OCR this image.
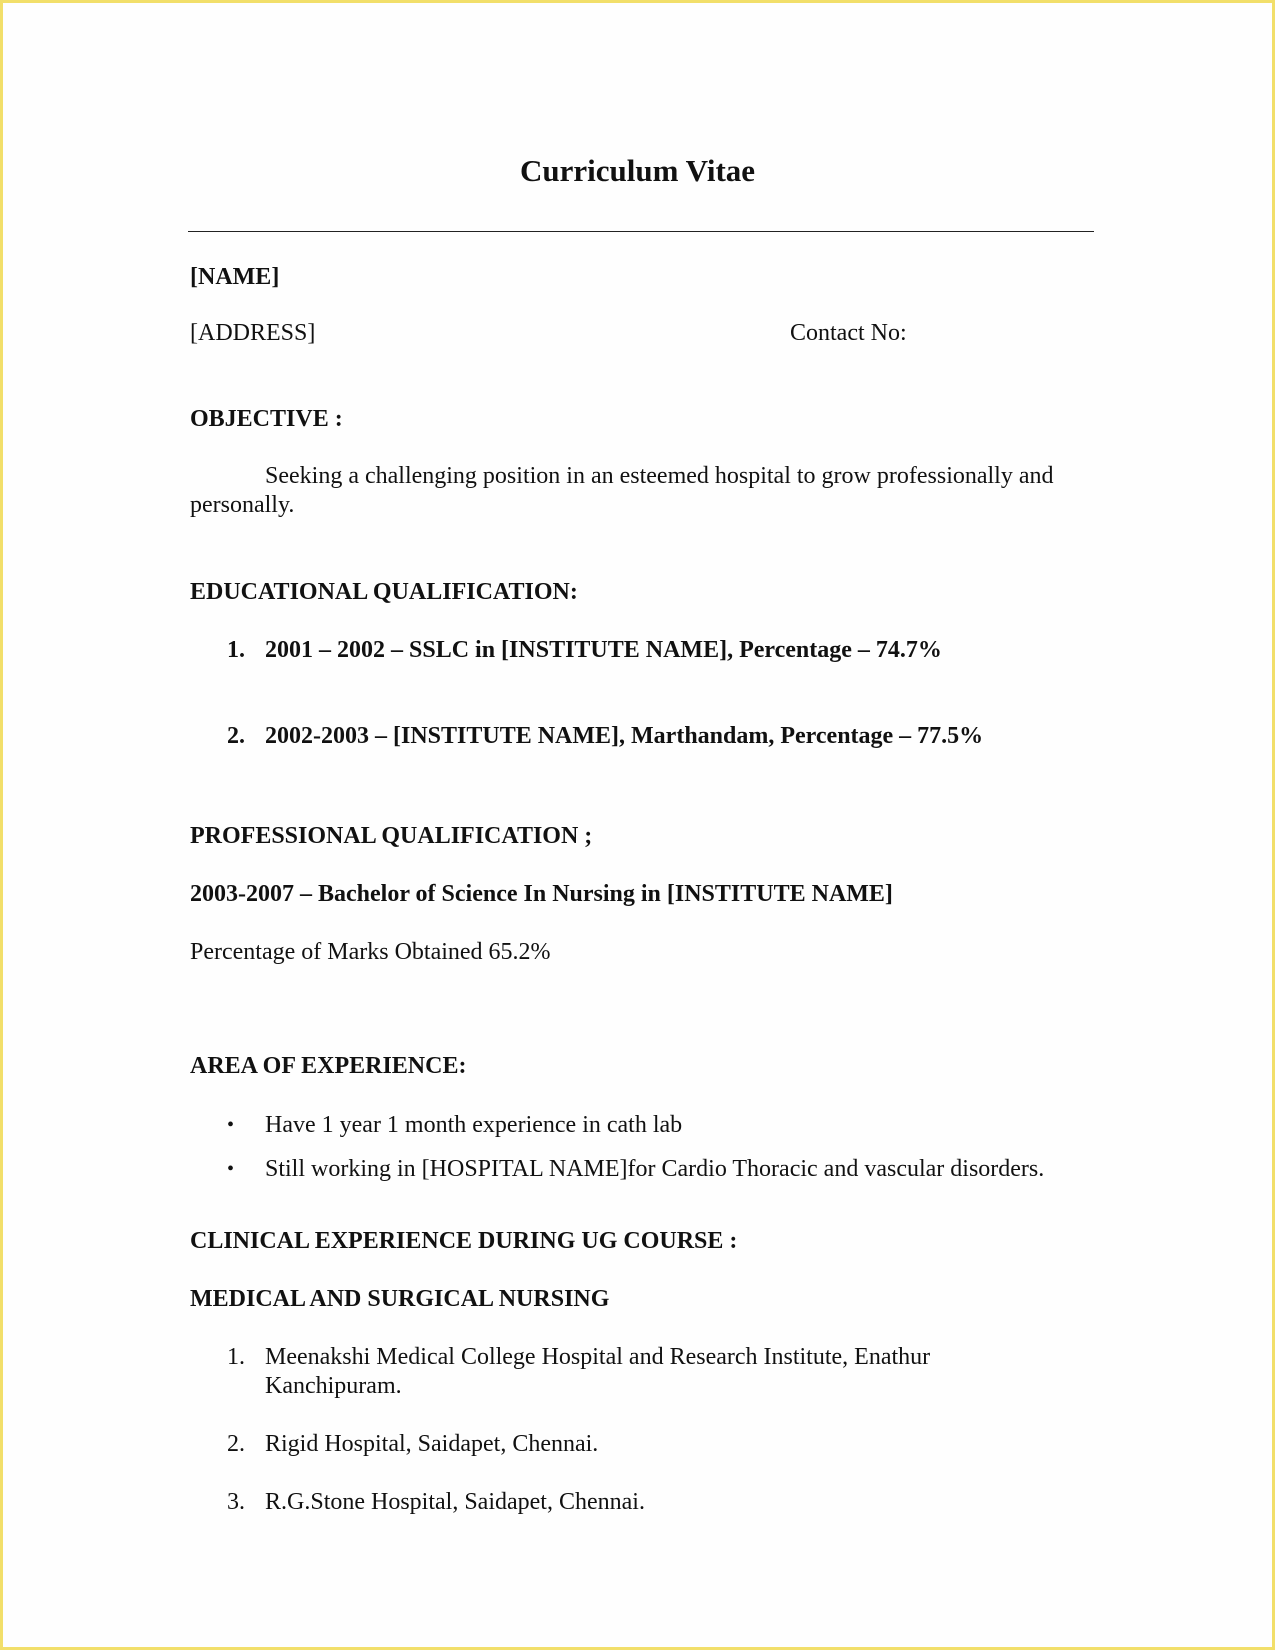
Curriculum Vitae
[NAME]
[ADDRESS]	Contact No:
OBJECTIVE :
Seeking a challenging position in an esteemed hospital to grow professionally and
personally.
EDUCATIONAL QUALIFICATION:
1. 2001 – 2002 – SSLC in [INSTITUTE NAME], Percentage – 74.7%
2. 2002-2003 – [INSTITUTE NAME], Marthandam, Percentage – 77.5%
PROFESSIONAL QUALIFICATION ;
2003-2007 – Bachelor of Science In Nursing in [INSTITUTE NAME]
Percentage of Marks Obtained 65.2%
AREA OF EXPERIENCE:
• Have 1 year 1 month experience in cath lab
• Still working in [HOSPITAL NAME]for Cardio Thoracic and vascular disorders.
CLINICAL EXPERIENCE DURING UG COURSE :
MEDICAL AND SURGICAL NURSING
1. Meenakshi Medical College Hospital and Research Institute, Enathur
Kanchipuram.
2. Rigid Hospital, Saidapet, Chennai.
3. R.G.Stone Hospital, Saidapet, Chennai.
